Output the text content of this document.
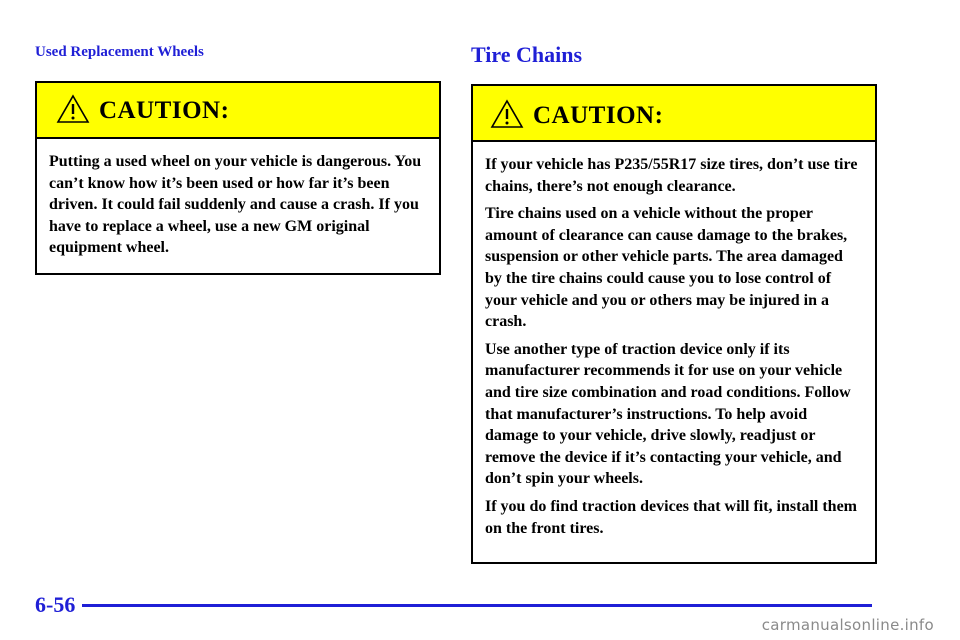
Used Replacement Wheels	Tire Chains
CAUTION:

Putting a used wheel on your vehicle is dangerous. You can’t know how it’s been used or how far it’s been driven. It could fail suddenly and cause a crash. If you have to replace a wheel, use a new GM original equipment wheel.

CAUTION:

If your vehicle has P235/55R17 size tires, don’t use tire chains, there’s not enough clearance.

Tire chains used on a vehicle without the proper amount of clearance can cause damage to the brakes, suspension or other vehicle parts. The area damaged by the tire chains could cause you to lose control of your vehicle and you or others may be injured in a crash.

Use another type of traction device only if its manufacturer recommends it for use on your vehicle and tire size combination and road conditions. Follow that manufacturer’s instructions. To help avoid damage to your vehicle, drive slowly, readjust or remove the device if it’s contacting your vehicle, and don’t spin your wheels.

If you do find traction devices that will fit, install them on the front tires.

6-56
carmanualsonline.info
